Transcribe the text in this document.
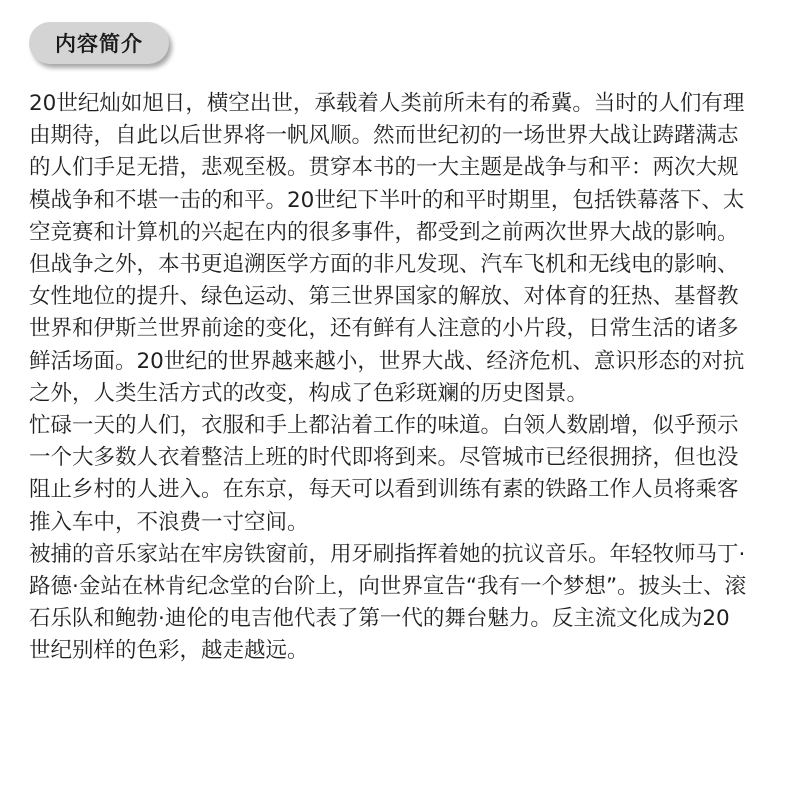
内容简介

20世纪灿如旭日，横空出世，承载着人类前所未有的希冀。当时的人们有理由期待，自此以后世界将一帆风顺。然而世纪初的一场世界大战让踌躇满志的人们手足无措，悲观至极。贯穿本书的一大主题是战争与和平：两次大规模战争和不堪一击的和平。20世纪下半叶的和平时期里，包括铁幕落下、太空竞赛和计算机的兴起在内的很多事件，都受到之前两次世界大战的影响。但战争之外，本书更追溯医学方面的非凡发现、汽车飞机和无线电的影响、女性地位的提升、绿色运动、第三世界国家的解放、对体育的狂热、基督教世界和伊斯兰世界前途的变化，还有鲜有人注意的小片段，日常生活的诸多鲜活场面。20世纪的世界越来越小，世界大战、经济危机、意识形态的对抗之外，人类生活方式的改变，构成了色彩斑斓的历史图景。

忙碌一天的人们，衣服和手上都沾着工作的味道。白领人数剧增，似乎预示一个大多数人衣着整洁上班的时代即将到来。尽管城市已经很拥挤，但也没阻止乡村的人进入。在东京，每天可以看到训练有素的铁路工作人员将乘客推入车中，不浪费一寸空间。

被捕的音乐家站在牢房铁窗前，用牙刷指挥着她的抗议音乐。年轻牧师马丁·路德·金站在林肯纪念堂的台阶上，向世界宣告“我有一个梦想”。披头士、滚石乐队和鲍勃·迪伦的电吉他代表了第一代的舞台魅力。反主流文化成为20世纪别样的色彩，越走越远。
